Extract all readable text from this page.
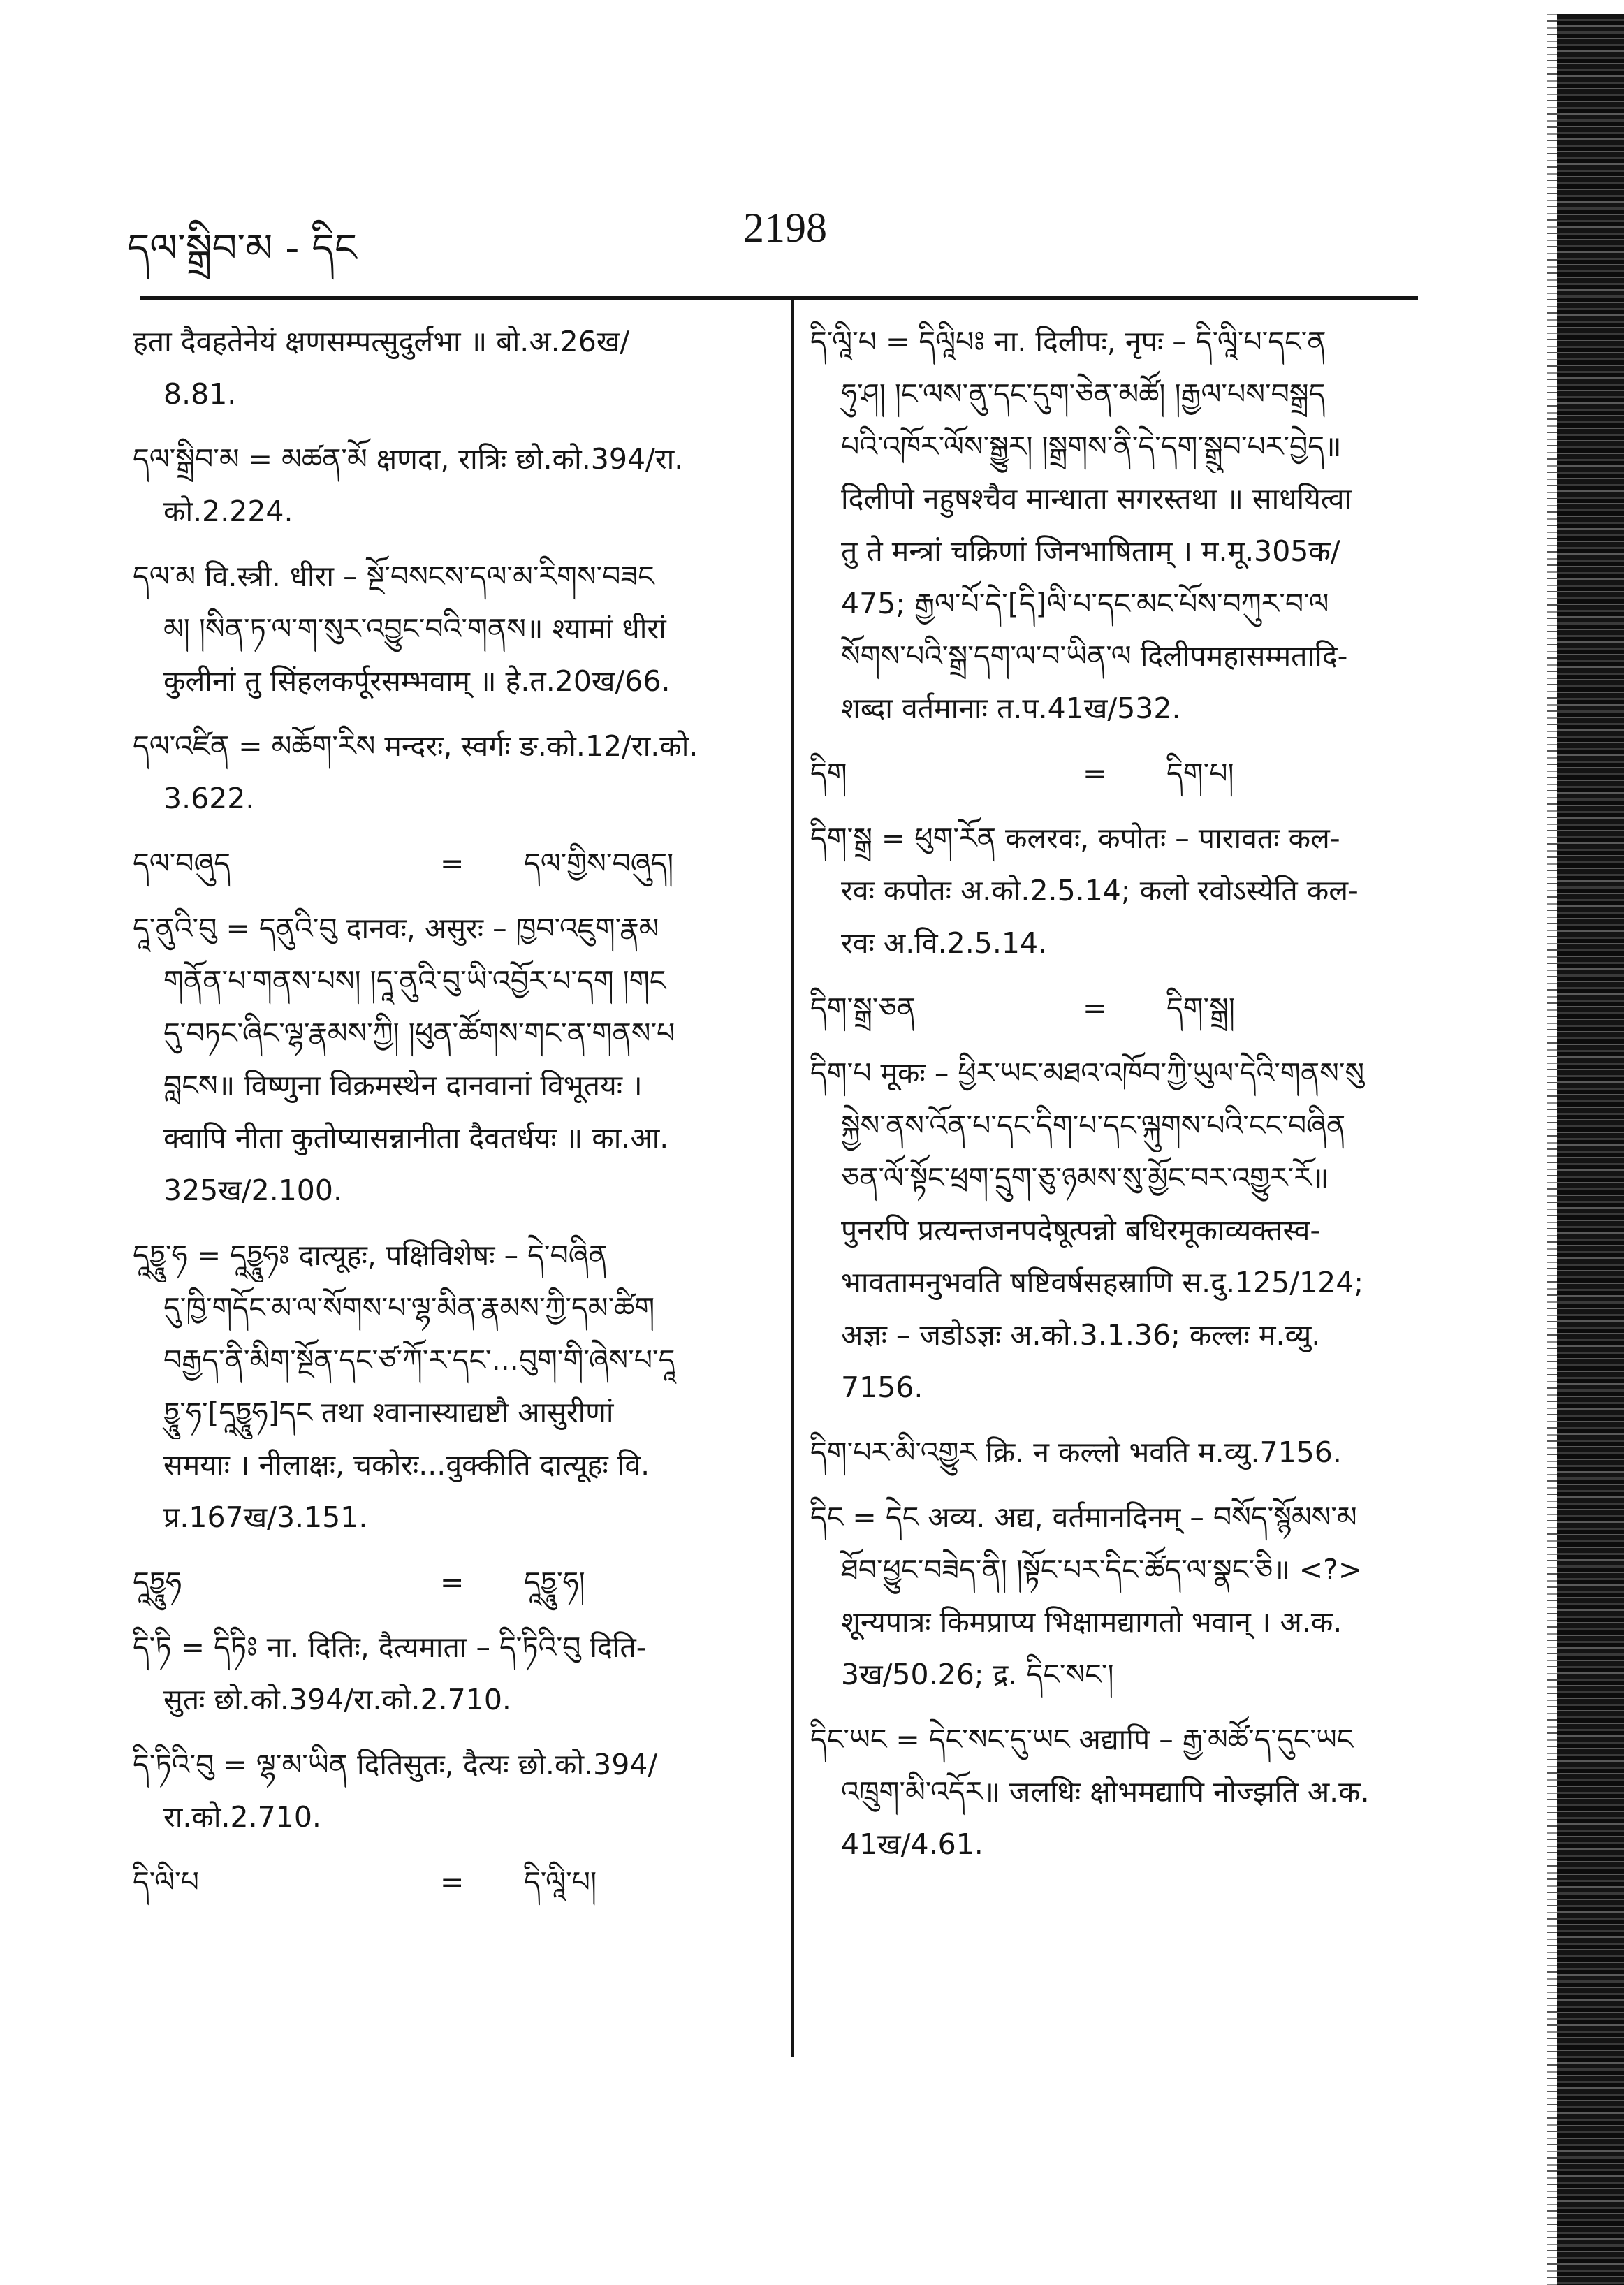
དལ་སྒྲིབ་མ - དིང	2198
हता दैवहतेनेयं क्षणसम्पत्सुदुर्लभा ॥ बो.अ.26ख/
8.81.
དལ་སྒྲིབ་མ = མཚན་མོ क्षणदा, रात्रिः छो.को.394/रा.
को.2.224.
དལ་མ वि.स्त्री. धीरा – སྔོ་བསངས་དལ་མ་རིགས་བཟང
མ། །སིན་ཏ་ལ་ག་སུར་འབྱུང་བའི་གནས॥ श्यामां धीरां
कुलीनां तु सिंहलकर्पूरसम्भवाम् ॥ हे.त.20ख/66.
དལ་འཛིན = མཆོག་རིས मन्दरः, स्वर्गः ङ.को.12/रा.को.
3.622.
དལ་བཞུད	=	དལ་གྱིས་བཞུད།
དཱ་ནུའི་བུ = དནུའི་བུ दानवः, असुरः – ཁྱབ་འཇུག་རྣམ
གནོན་པ་གནས་པས། །དཱ་ནུའི་བུ་ཡི་འབྱོར་པ་དག །གང
དུ་བཏང་ཞིང་ལྷ་རྣམས་ཀྱི། །ཕུན་ཚོགས་གང་ན་གནས་པ
བླངས॥ विष्णुना विक्रमस्थेन दानवानां विभूतयः ।
क्वापि नीता कुतोप्यासन्नानीता दैवतर्धयः ॥ का.आ.
325ख/2.100.
དཱཏྱཱུ་ཧ = དཱཏྱཱུཧཿ दात्यूहः, पक्षिविशेषः – དེ་བཞིན
དུ་ཁྱི་གདོང་མ་ལ་སོགས་པ་ལྷ་མིན་རྣམས་ཀྱི་དམ་ཚིག
བརྒྱད་ནི་མིག་སྔོན་དང་ཙ་ཀོ་ར་དང་...བུག་གི་ཞེས་པ་དཱ
ཏྱཱུ་ཧ་[དཱཏྱཱུཧ]དང तथा श्वानास्याद्यष्टौ आसुरीणां
समयाः । नीलाक्षः, चकोरः...वुक्कीति दात्यूहः वि.
प्र.167ख/3.151.
དཱཏྱཱུཧ	=	དཱཏྱཱུ་ཧ།
དི་ཏི = དིཏིཿ ना. दितिः, दैत्यमाता – དི་ཏིའི་བུ दिति-
सुतः छो.को.394/रा.को.2.710.
དི་ཏིའི་བུ = ལྷ་མ་ཡིན दितिसुतः, दैत्यः छो.को.394/
रा.को.2.710.
དི་ལི་པ	=	དི་ལཱི་པ།
དི་ལཱི་པ = དིལཱིཔཿ ना. दिलीपः, नृपः – དི་ལཱི་པ་དང་ན
ཧུ་ཤ། །ང་ལས་ནུ་དང་དུག་ཅེན་མཚོ། །རྒྱལ་པས་བསྒྲད
པའི་འཁོར་ལོས་སྒྱུར། །སྒྲགས་ནི་དེ་དག་སྒྲུབ་པར་བྱེད॥
दिलीपो नहुषश्चैव मान्धाता सगरस्तथा ॥ साधयित्वा
तु ते मन्त्रां चक्रिणां जिनभाषिताम् । म.मू.305क/
475; རྒྱལ་པོ་དེ་[དི]ལི་པ་དང་མང་པོས་བཀུར་བ་ལ
སོགས་པའི་སྒྲ་དག་ལ་བ་ཡིན་ལ दिलीपमहासम्मतादि-
शब्दा वर्तमानाः त.प.41ख/532.
དིག	=	དིག་པ།
དིག་སྒྲ = ཕུག་རོན कलरवः, कपोतः – पारावतः कल-
रवः कपोतः अ.को.2.5.14; कलो रवोऽस्येति कल-
रवः अ.वि.2.5.14.
དིག་སྒྲ་ཅན	=	དིག་སྒྲ།
དིག་པ मूकः – ཕྱིར་ཡང་མཐའ་འཁོབ་ཀྱི་ཡུལ་དེའི་གནས་སུ
སྐྱེས་ནས་འོན་པ་དང་དིག་པ་དང་ལྐུགས་པའི་ངང་བཞིན
ཅན་ལོ་སྟོང་ཕྲག་དྲུག་ཅུ་ཉམས་སུ་མྱོང་བར་འགྱུར་རོ॥
पुनरपि प्रत्यन्तजनपदेषूत्पन्नो बधिरमूकाव्यक्तस्व-
भावतामनुभवति षष्टिवर्षसहस्राणि स.दु.125/124;
अज्ञः – जडोऽज्ञः अ.को.3.1.36; कल्लः म.व्यु.
7156.
དིག་པར་མི་འགྱུར क्रि. न कल्लो भवति म.व्यु.7156.
དིང = དེང अव्य. अद्य, वर्तमानदिनम् – བསོད་སྙོམས་མ
ཐོབ་ཕྱུང་བཟེད་ནི། །སྟོང་པར་དིང་ཚོད་ལ་སྣང་ཅི॥ <?>
शून्यपात्रः किमप्राप्य भिक्षामद्यागतो भवान् । अ.क.
3ख/50.26; द्र. དིང་སང་།
དིང་ཡང = དེང་སང་དུ་ཡང अद्यापि – རྒྱ་མཚོ་ད་དུང་ཡང
འཁྲུག་མི་འདོར॥ जलधिः क्षोभमद्यापि नोज्झति अ.क.
41ख/4.61.
